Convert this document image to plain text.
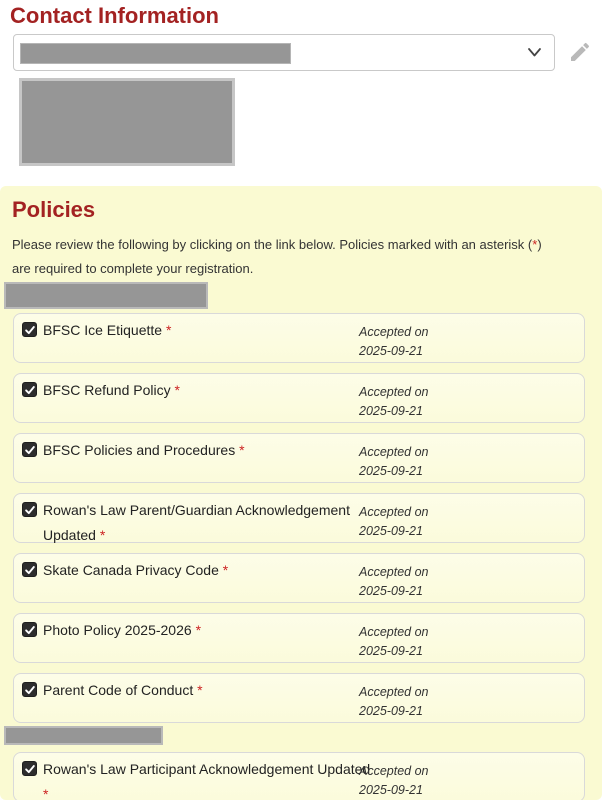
Contact Information
Policies

Please review the following by clicking on the link below. Policies marked with an asterisk (*)
are required to complete your registration.

BFSC Ice Etiquette *	Accepted on
2025-09-21
BFSC Refund Policy *	Accepted on
2025-09-21
BFSC Policies and Procedures *	Accepted on
2025-09-21
Rowan's Law Parent/Guardian Acknowledgement Updated *
Accepted on
2025-09-21
Skate Canada Privacy Code *	Accepted on
2025-09-21
Photo Policy 2025-2026 *	Accepted on
2025-09-21
Parent Code of Conduct *	Accepted on
2025-09-21
Rowan's Law Participant Acknowledgement Updated *
Accepted on
2025-09-21
